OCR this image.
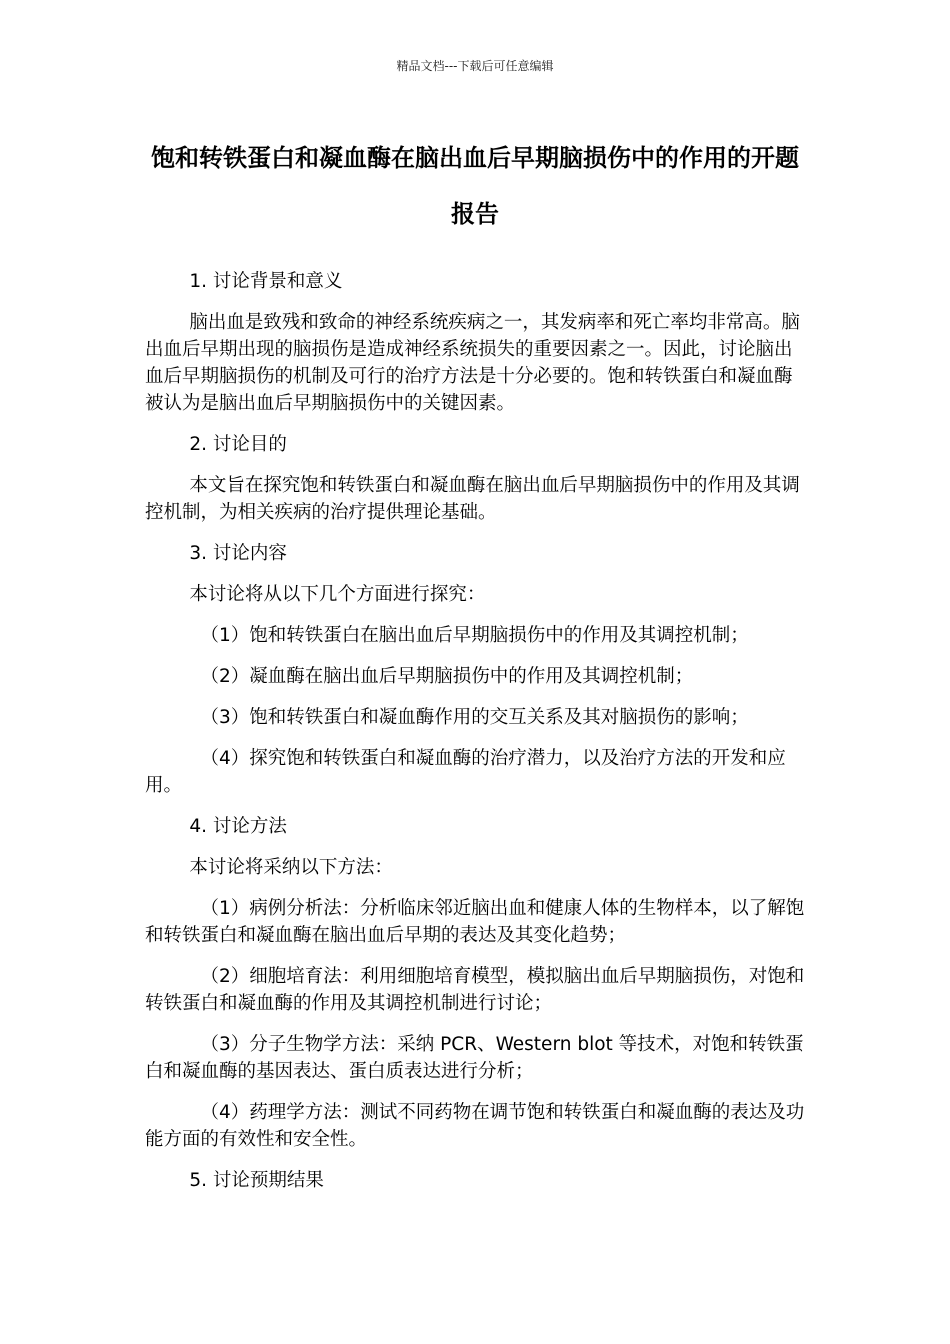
精品文档---下载后可任意编辑
饱和转铁蛋白和凝血酶在脑出血后早期脑损伤中的作用的开题报告

1. 讨论背景和意义

脑出血是致残和致命的神经系统疾病之一，其发病率和死亡率均非常高。脑出血后早期出现的脑损伤是造成神经系统损失的重要因素之一。因此，讨论脑出血后早期脑损伤的机制及可行的治疗方法是十分必要的。饱和转铁蛋白和凝血酶被认为是脑出血后早期脑损伤中的关键因素。

2. 讨论目的

本文旨在探究饱和转铁蛋白和凝血酶在脑出血后早期脑损伤中的作用及其调控机制，为相关疾病的治疗提供理论基础。

3. 讨论内容

本讨论将从以下几个方面进行探究：

（1）饱和转铁蛋白在脑出血后早期脑损伤中的作用及其调控机制；

（2）凝血酶在脑出血后早期脑损伤中的作用及其调控机制；

（3）饱和转铁蛋白和凝血酶作用的交互关系及其对脑损伤的影响；

（4）探究饱和转铁蛋白和凝血酶的治疗潜力，以及治疗方法的开发和应用。

4. 讨论方法

本讨论将采纳以下方法：

（1）病例分析法：分析临床邻近脑出血和健康人体的生物样本，以了解饱和转铁蛋白和凝血酶在脑出血后早期的表达及其变化趋势；

（2）细胞培育法：利用细胞培育模型，模拟脑出血后早期脑损伤，对饱和转铁蛋白和凝血酶的作用及其调控机制进行讨论；

（3）分子生物学方法：采纳 PCR、Western blot 等技术，对饱和转铁蛋白和凝血酶的基因表达、蛋白质表达进行分析；

（4）药理学方法：测试不同药物在调节饱和转铁蛋白和凝血酶的表达及功能方面的有效性和安全性。

5. 讨论预期结果
